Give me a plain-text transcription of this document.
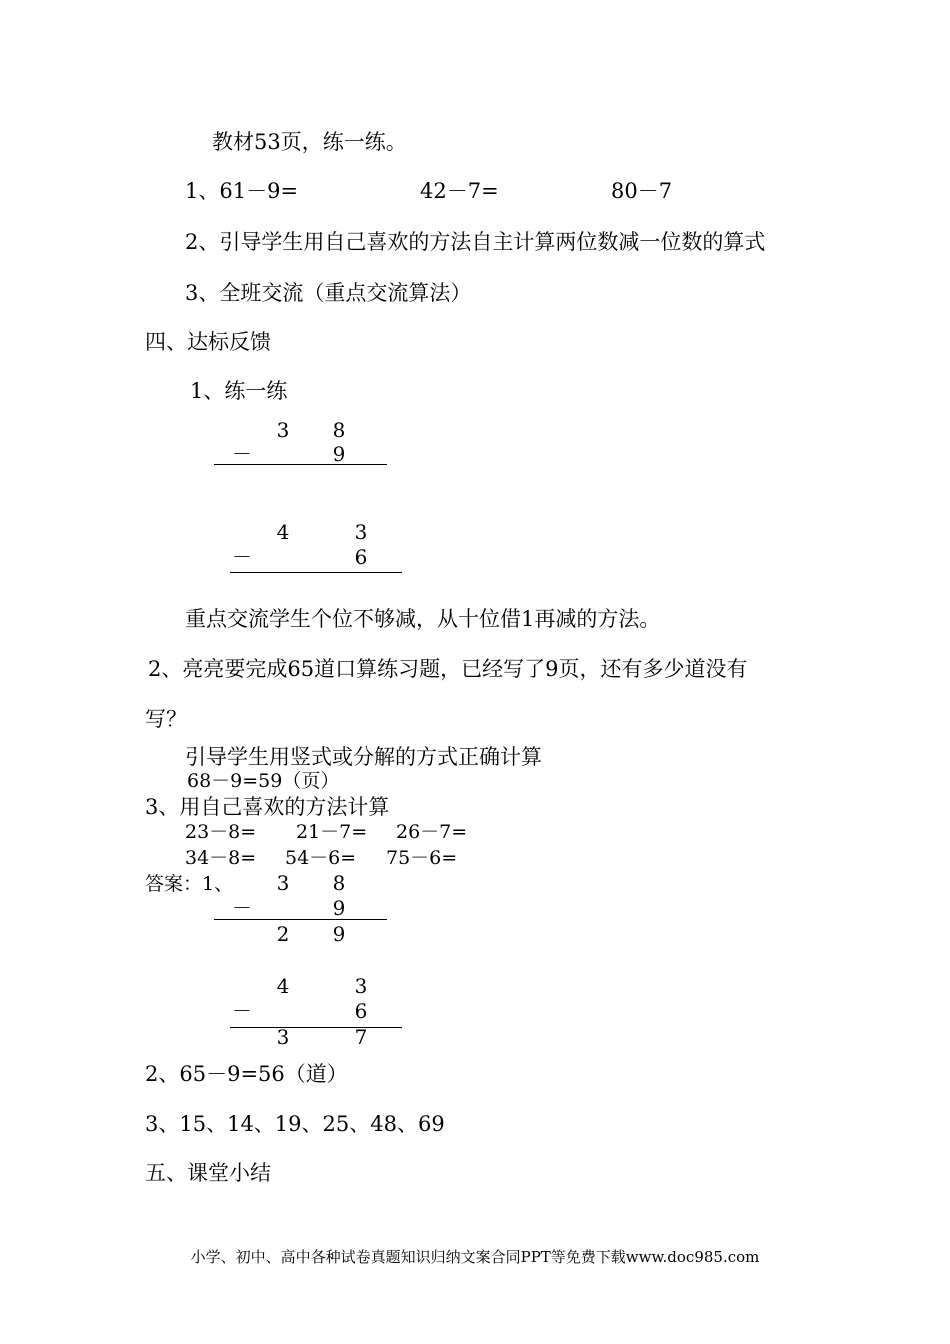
教材53页，练一练。
1、61－9=	42－7=	80－7
2、引导学生用自己喜欢的方法自主计算两位数减一位数的算式
3、全班交流（重点交流算法）
四、达标反馈
1、练一练
3 8
－	9
4	3
－	6
重点交流学生个位不够减，从十位借1再减的方法。
2、亮亮要完成65道口算练习题，已经写了9页，还有多少道没有
写？
引导学生用竖式或分解的方式正确计算
68－9=59（页）
3、用自己喜欢的方法计算
23－8= 21－7= 26－7=
34－8= 54－6= 75－6=
答案：1、 3 8
－	9
2 9
4	3
－	6
3	7
2、65－9=56（道）
3、15、14、19、25、48、69
五、课堂小结
小学、初中、高中各种试卷真题知识归纳文案合同PPT等免费下载www.doc985.com
